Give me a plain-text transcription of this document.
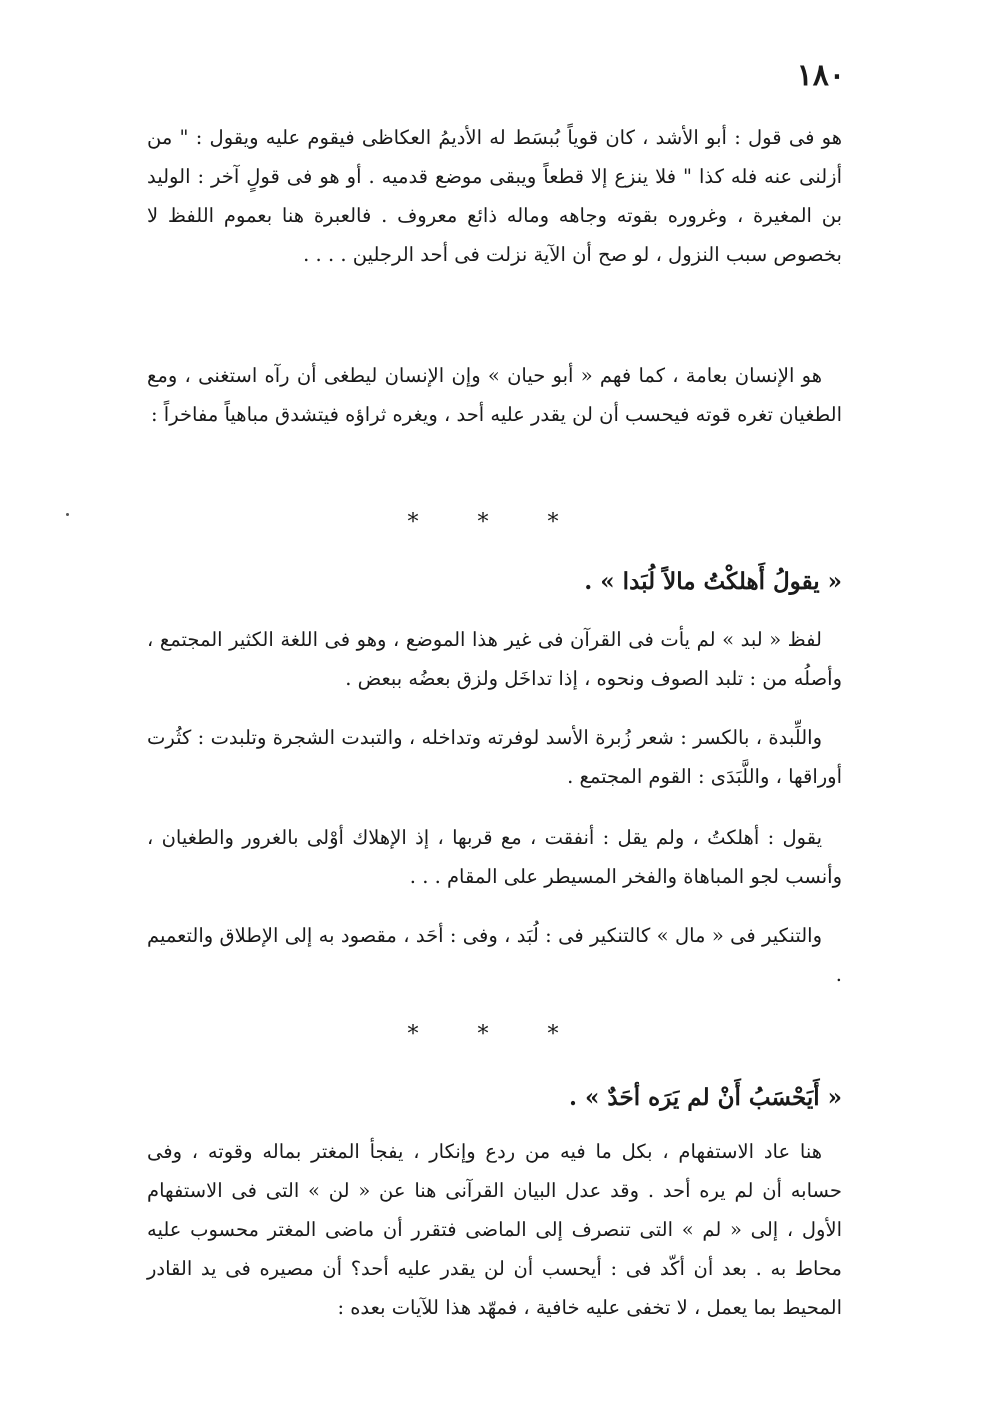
١٨٠

هو فى قول : أبو الأشد ، كان قوياً بُبسَط له الأديمُ العكاظى فيقوم عليه ويقول : " من أزلنى عنه فله كذا " فلا ينزع إلا قطعاً ويبقى موضع قدميه . أو هو فى قولٍ آخر : الوليد بن المغيرة ، وغروره بقوته وجاهه وماله ذائع معروف . فالعبرة هنا بعموم اللفظ لا بخصوص سبب النزول ، لو صح أن الآية نزلت فى أحد الرجلين . . . .

هو الإنسان بعامة ، كما فهم « أبو حيان » وإن الإنسان ليطغى أن رآه استغنى ، ومع الطغيان تغره قوته فيحسب أن لن يقدر عليه أحد ، ويغره ثراؤه فيتشدق مباهياً مفاخراً :

* * *
« يقولُ أَهلكْتُ مالاً لُبَدا » .

لفظ « لبد » لم يأت فى القرآن فى غير هذا الموضع ، وهو فى اللغة الكثير المجتمع ، وأصلُه من : تلبد الصوف ونحوه ، إذا تداخَل ولزق بعضُه ببعض .

واللِّبدة ، بالكسر : شعر زُبرة الأسد لوفرته وتداخله ، والتبدت الشجرة وتلبدت : كثُرت أوراقها ، واللَّبَدَى : القوم المجتمع .

يقول : أهلكتُ ، ولم يقل : أنفقت ، مع قربها ، إذ الإهلاك أوْلى بالغرور والطغيان ، وأنسب لجو المباهاة والفخر المسيطر على المقام . . .

والتنكير فى « مال » كالتنكير فى : لُبَد ، وفى : أحَد ، مقصود به إلى الإطلاق والتعميم .

* * *
« أَيَحْسَبُ أَنْ لم يَرَه أحَدٌ » .

هنا عاد الاستفهام ، بكل ما فيه من ردع وإنكار ، يفجأ المغتر بماله وقوته ، وفى حسابه أن لم يره أحد . وقد عدل البيان القرآنى هنا عن « لن » التى فى الاستفهام الأول ، إلى « لم » التى تنصرف إلى الماضى فتقرر أن ماضى المغتر محسوب عليه محاط به . بعد أن أكّد فى : أيحسب أن لن يقدر عليه أحد؟ أن مصيره فى يد القادر المحيط بما يعمل ، لا تخفى عليه خافية ، فمهّد هذا للآيات بعده :
